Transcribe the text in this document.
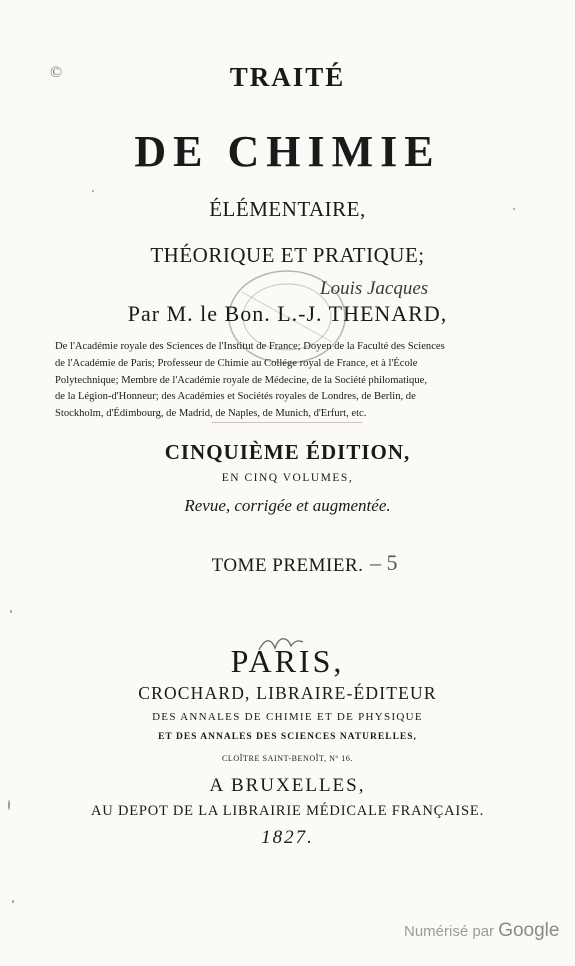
©	TRAITÉ
DE CHIMIE
ÉLÉMENTAIRE,
THÉORIQUE ET PRATIQUE;
Par M. le Bon. L.-J. THENARD,
Louis Jacques

De l'Académie royale des Sciences de l'Institut de France; Doyen de la Faculté des Sciences

de l'Académie de Paris; Professeur de Chimie au Collége royal de France, et à l'École

Polytechnique; Membre de l'Académie royale de Médecine, de la Société philomatique,

de la Légion-d'Honneur; des Académies et Sociétés royales de Londres, de Berlin, de

Stockholm, d'Édimbourg, de Madrid, de Naples, de Munich, d'Erfurt, etc.

CINQUIÈME ÉDITION,
EN CINQ VOLUMES,
Revue, corrigée et augmentée.
TOME PREMIER. – 5
PARIS,
CROCHARD, LIBRAIRE-ÉDITEUR
DES ANNALES DE CHIMIE ET DE PHYSIQUE
ET DES ANNALES DES SCIENCES NATURELLES,
CLOÎTRE SAINT-BENOÎT, Nº 16.
A BRUXELLES,
AU DEPOT DE LA LIBRAIRIE MÉDICALE FRANÇAISE.
1827.
Numérisé par Google
